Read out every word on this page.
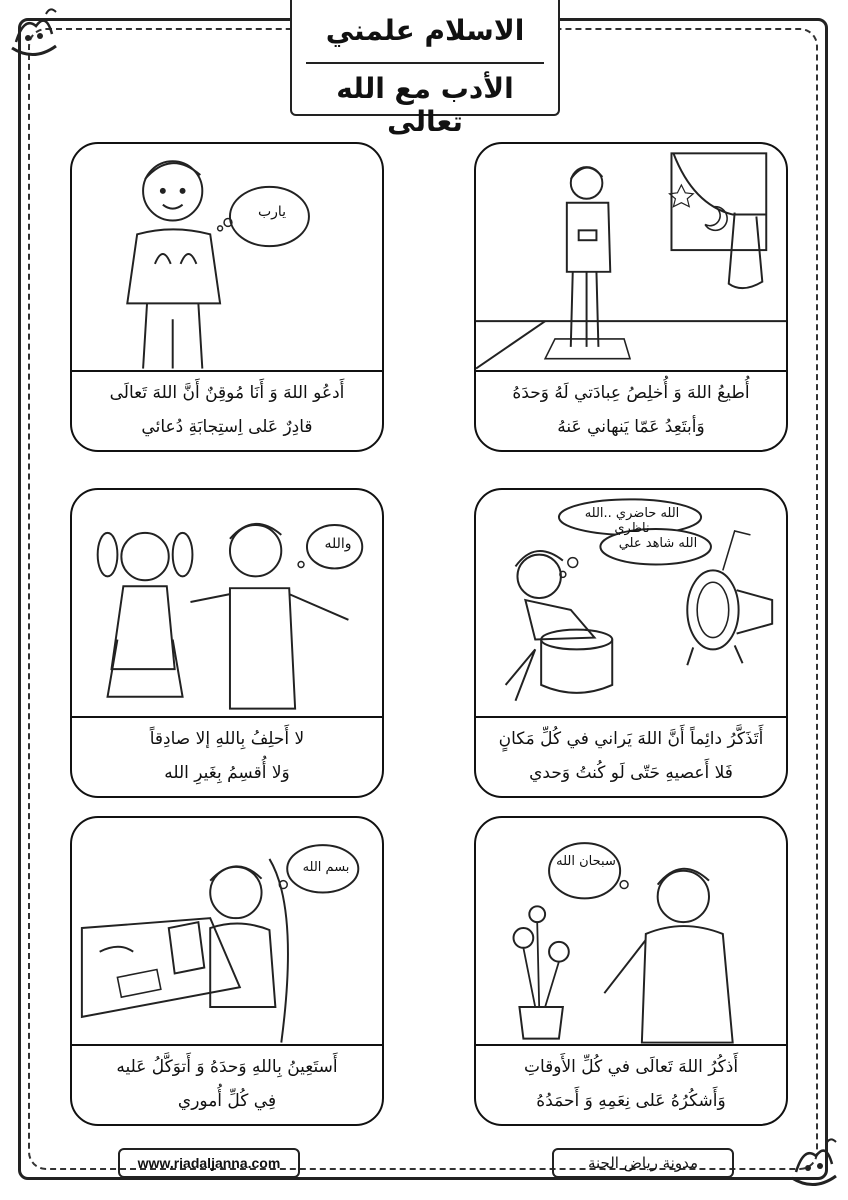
الاسلام علمني
الأدب مع الله تعالى
أُطيعُ اللهَ وَ أُخلِصُ عِبادَتي لَهُ وَحدَهُ
وَأبتَعِدُ عَمّا يَنهاني عَنهُ
يارب
أَدعُو اللهَ وَ أَنَا مُوقِنٌ أَنَّ اللهَ تَعالَى
قادِرٌ عَلى اِستِجابَةِ دُعائي
الله حاضري ..الله ناظري
الله شاهد علي
أَتَذَكَّرُ دائِماً أَنَّ اللهَ يَراني في كُلِّ مَكانٍ
فَلا أَعصيهِ حَتّى لَو كُنتُ وَحدي
والله
لا أَحلِفُ بِاللهِ إلا صادِقاً
وَلا أُقسِمُ بِغَيرِ الله
سبحان الله
أَذكُرُ اللهَ تَعالَى في كُلِّ الأَوقاتِ
وَأَشكُرُهُ عَلى نِعَمِهِ وَ أَحمَدُهُ
بسم الله
أَستَعِينُ بِاللهِ وَحدَهُ وَ أَتوَكَّلُ عَليه
فِي كُلِّ أُموري
www.riadaljanna.com	مدونة رياض الجنة
